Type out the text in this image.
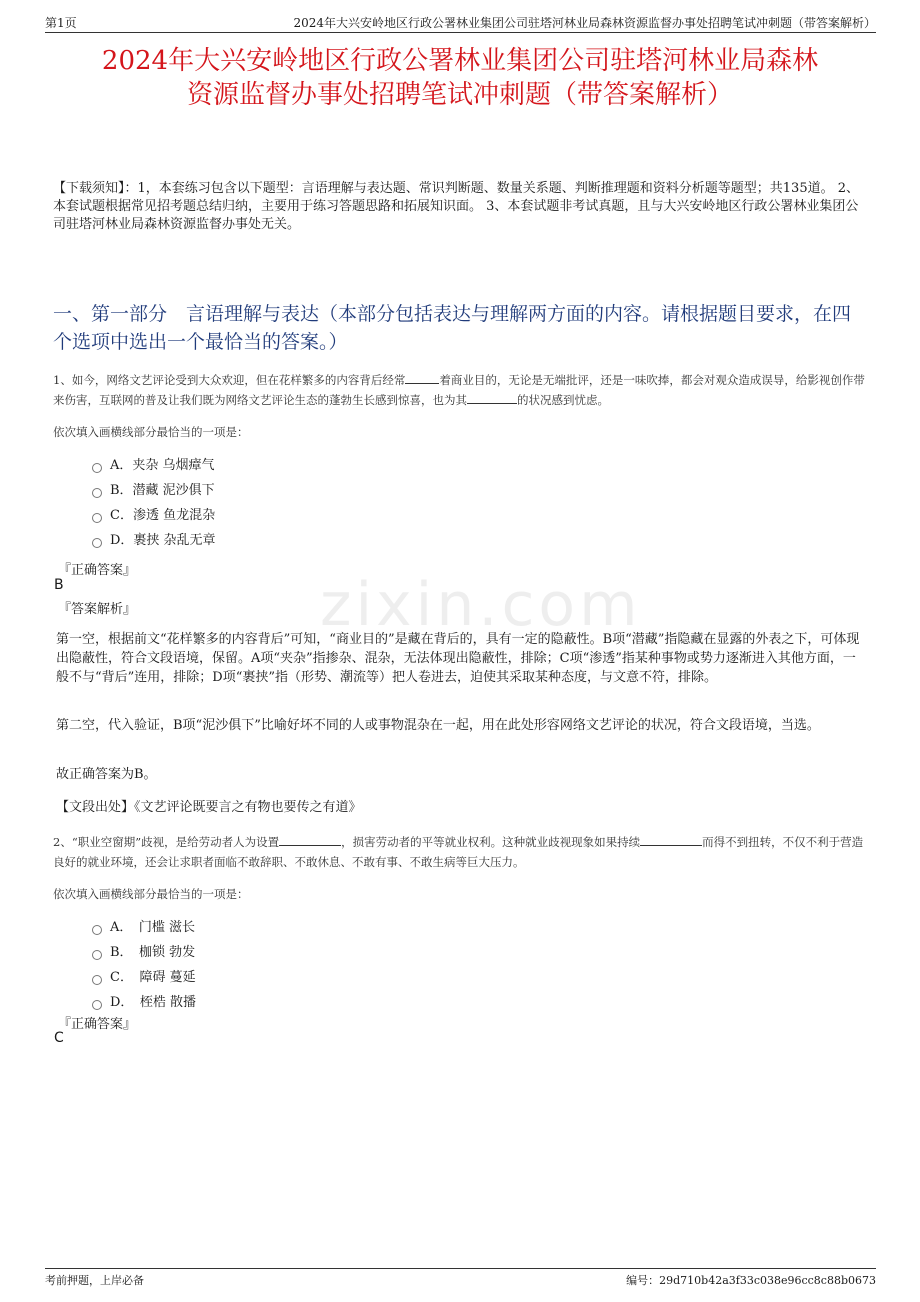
第1页	2024年大兴安岭地区行政公署林业集团公司驻塔河林业局森林资源监督办事处招聘笔试冲刺题（带答案解析）
zixin.com
2024年大兴安岭地区行政公署林业集团公司驻塔河林业局森林
资源监督办事处招聘笔试冲刺题（带答案解析）
【下载须知】：1，本套练习包含以下题型：言语理解与表达题、常识判断题、数量关系题、判断推理题和资料分析题等题型；共135道。 2、本套试题根据常见招考题总结归纳，主要用于练习答题思路和拓展知识面。 3、本套试题非考试真题，且与大兴安岭地区行政公署林业集团公司驻塔河林业局森林资源监督办事处无关。
一、第一部分　言语理解与表达（本部分包括表达与理解两方面的内容。请根据题目要求，在四个选项中选出一个最恰当的答案。）
1、如今，网络文艺评论受到大众欢迎，但在花样繁多的内容背后经常	着商业目的，无论是无端批评，还是一味吹捧，都会对观众造成误导，给影视创作带来伤害，互联网的普及让我们既为网络文艺评论生态的蓬勃生长感到惊喜，也为其	的状况感到忧虑。
依次填入画横线部分最恰当的一项是：
A．夹杂 乌烟瘴气
B．潜藏 泥沙俱下
C．渗透 鱼龙混杂
D．裹挟 杂乱无章
『正确答案』
B
『答案解析』
第一空，根据前文“花样繁多的内容背后”可知，“商业目的”是藏在背后的，具有一定的隐蔽性。B项“潜藏”指隐藏在显露的外表之下，可体现出隐蔽性，符合文段语境，保留。A项“夹杂”指掺杂、混杂，无法体现出隐蔽性，排除；C项“渗透”指某种事物或势力逐渐进入其他方面，一般不与“背后”连用，排除；D项“裹挟”指（形势、潮流等）把人卷进去，迫使其采取某种态度，与文意不符，排除。
第二空，代入验证，B项“泥沙俱下”比喻好坏不同的人或事物混杂在一起，用在此处形容网络文艺评论的状况，符合文段语境，当选。
故正确答案为B。
【文段出处】《文艺评论既要言之有物也要传之有道》
2、“职业空窗期”歧视，是给劳动者人为设置	，损害劳动者的平等就业权利。这种就业歧视现象如果持续	而得不到扭转，不仅不利于营造良好的就业环境，还会让求职者面临不敢辞职、不敢休息、不敢有事、不敢生病等巨大压力。
依次填入画横线部分最恰当的一项是：
A．　门槛 滋长
B．　枷锁 勃发
C．　障碍 蔓延
D．　桎梏 散播
『正确答案』
C
考前押题，上岸必备	编号：29d710b42a3f33c038e96cc8c88b0673
